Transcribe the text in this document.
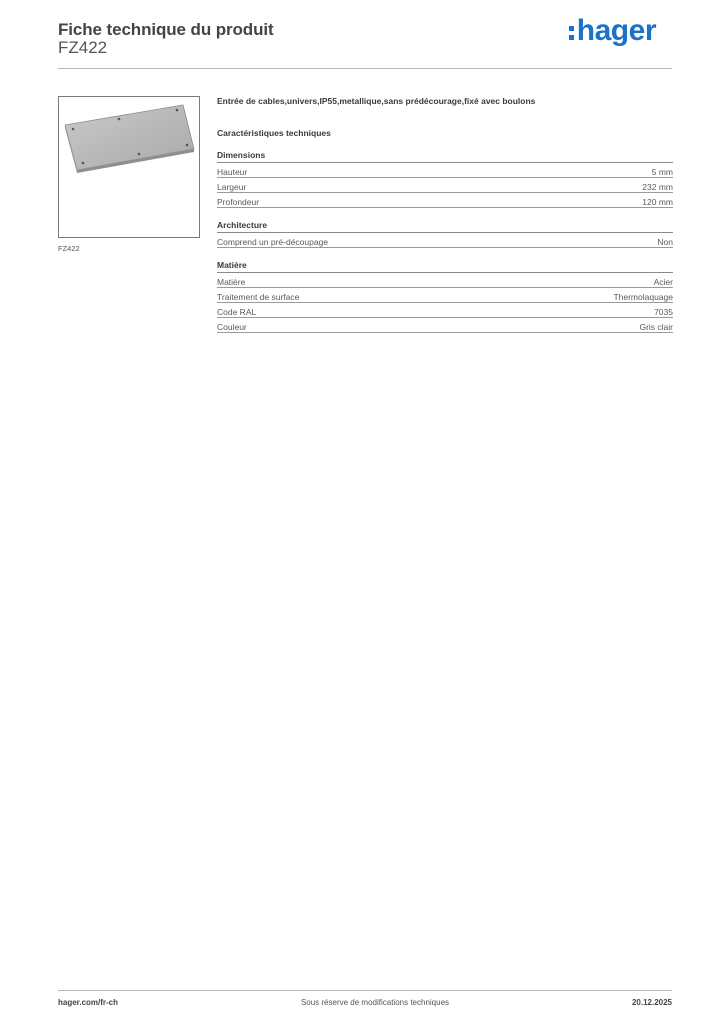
Fiche technique du produit
FZ422
hager
FZ422
Entrée de cables,univers,IP55,metallique,sans prédécourage,fixé avec boulons
Caractéristiques techniques
Dimensions
Hauteur	5 mm
Largeur	232 mm
Profondeur	120 mm
Architecture
Comprend un pré-découpage	Non
Matière
Matière	Acier
Traitement de surface	Thermolaquage
Code RAL	7035
Couleur	Gris clair
hager.com/fr-ch	Sous réserve de modifications techniques	20.12.2025
